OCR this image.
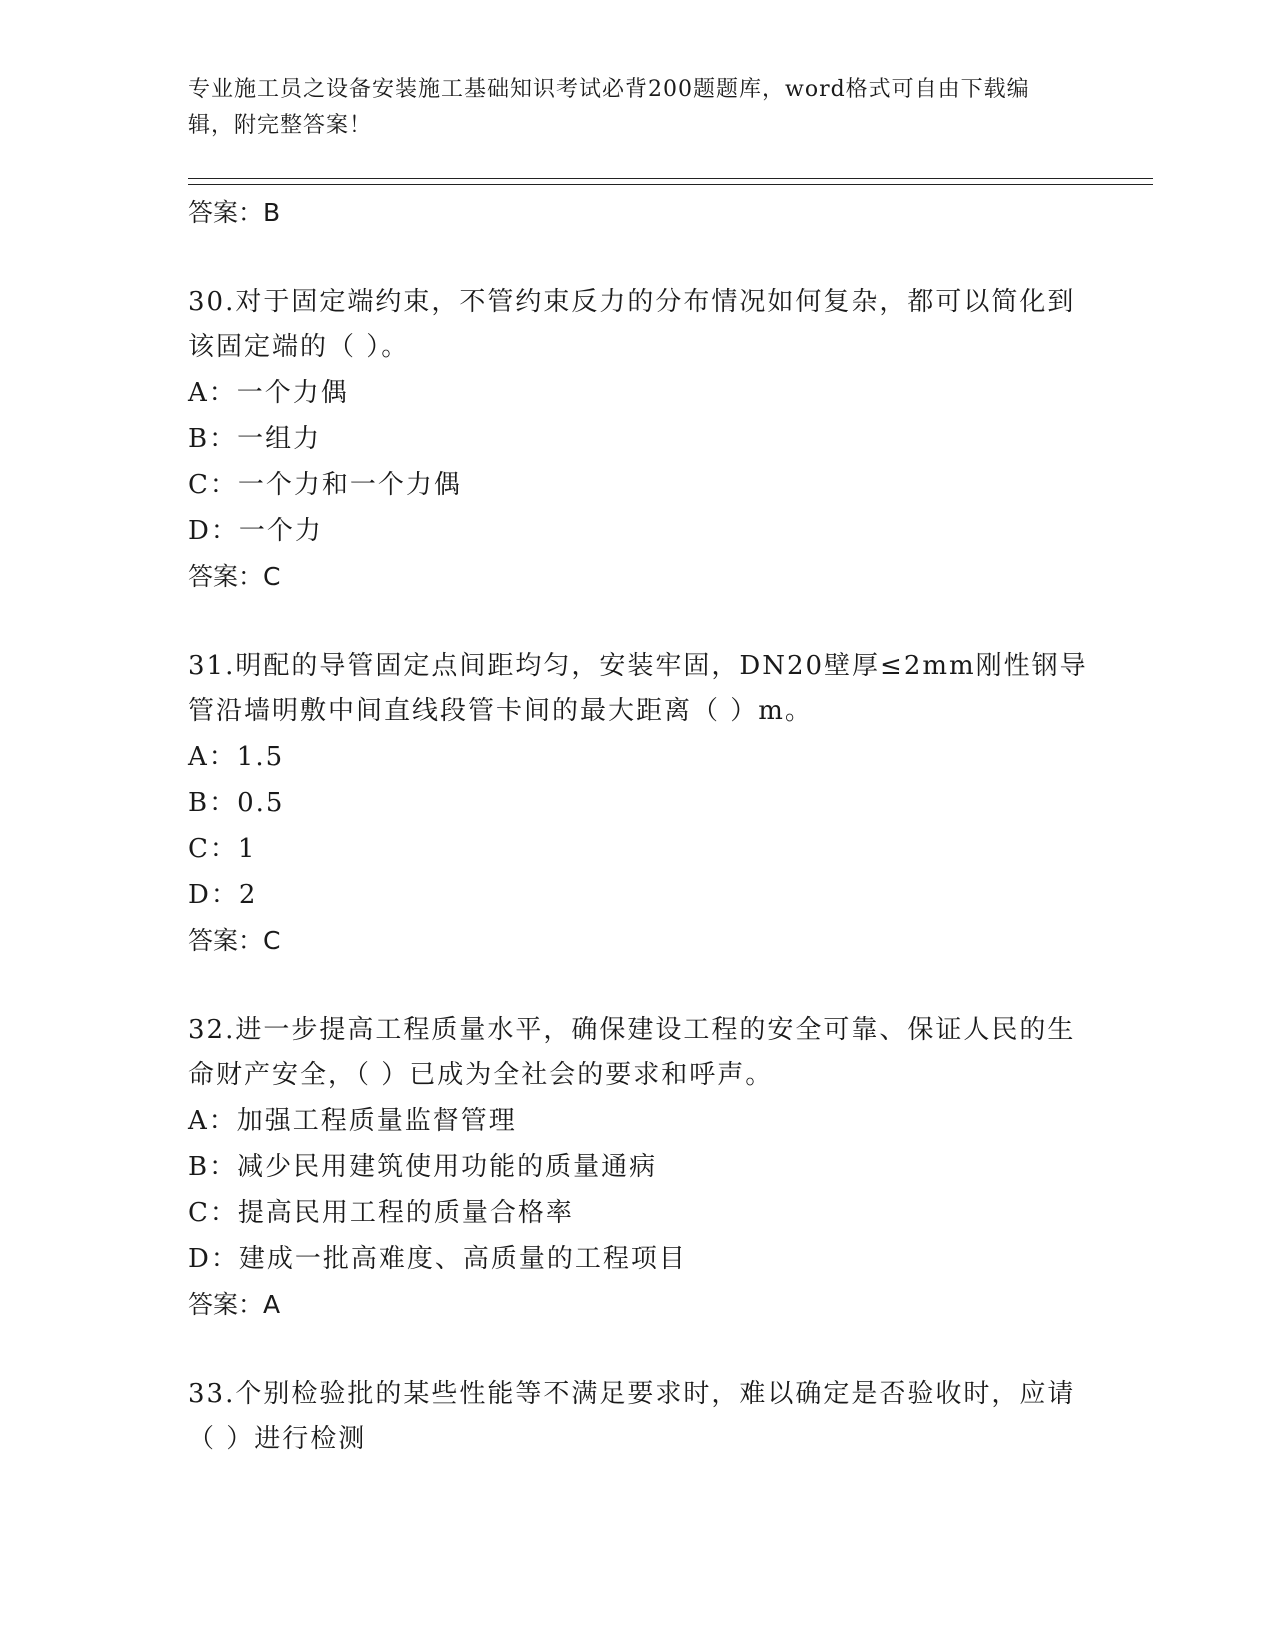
专业施工员之设备安装施工基础知识考试必背200题题库，word格式可自由下载编辑，附完整答案！
答案：B
30.对于固定端约束，不管约束反力的分布情况如何复杂，都可以简化到该固定端的（ ）。
A：一个力偶
B：一组力
C：一个力和一个力偶
D：一个力
答案：C
31.明配的导管固定点间距均匀，安装牢固，DN20壁厚≤2mm刚性钢导管沿墙明敷中间直线段管卡间的最大距离（ ）m。
A：1.5
B：0.5
C：1
D：2
答案：C
32.进一步提高工程质量水平，确保建设工程的安全可靠、保证人民的生命财产安全，（ ）已成为全社会的要求和呼声。
A：加强工程质量监督管理
B：减少民用建筑使用功能的质量通病
C：提高民用工程的质量合格率
D：建成一批高难度、高质量的工程项目
答案：A
33.个别检验批的某些性能等不满足要求时，难以确定是否验收时，应请（ ）进行检测
